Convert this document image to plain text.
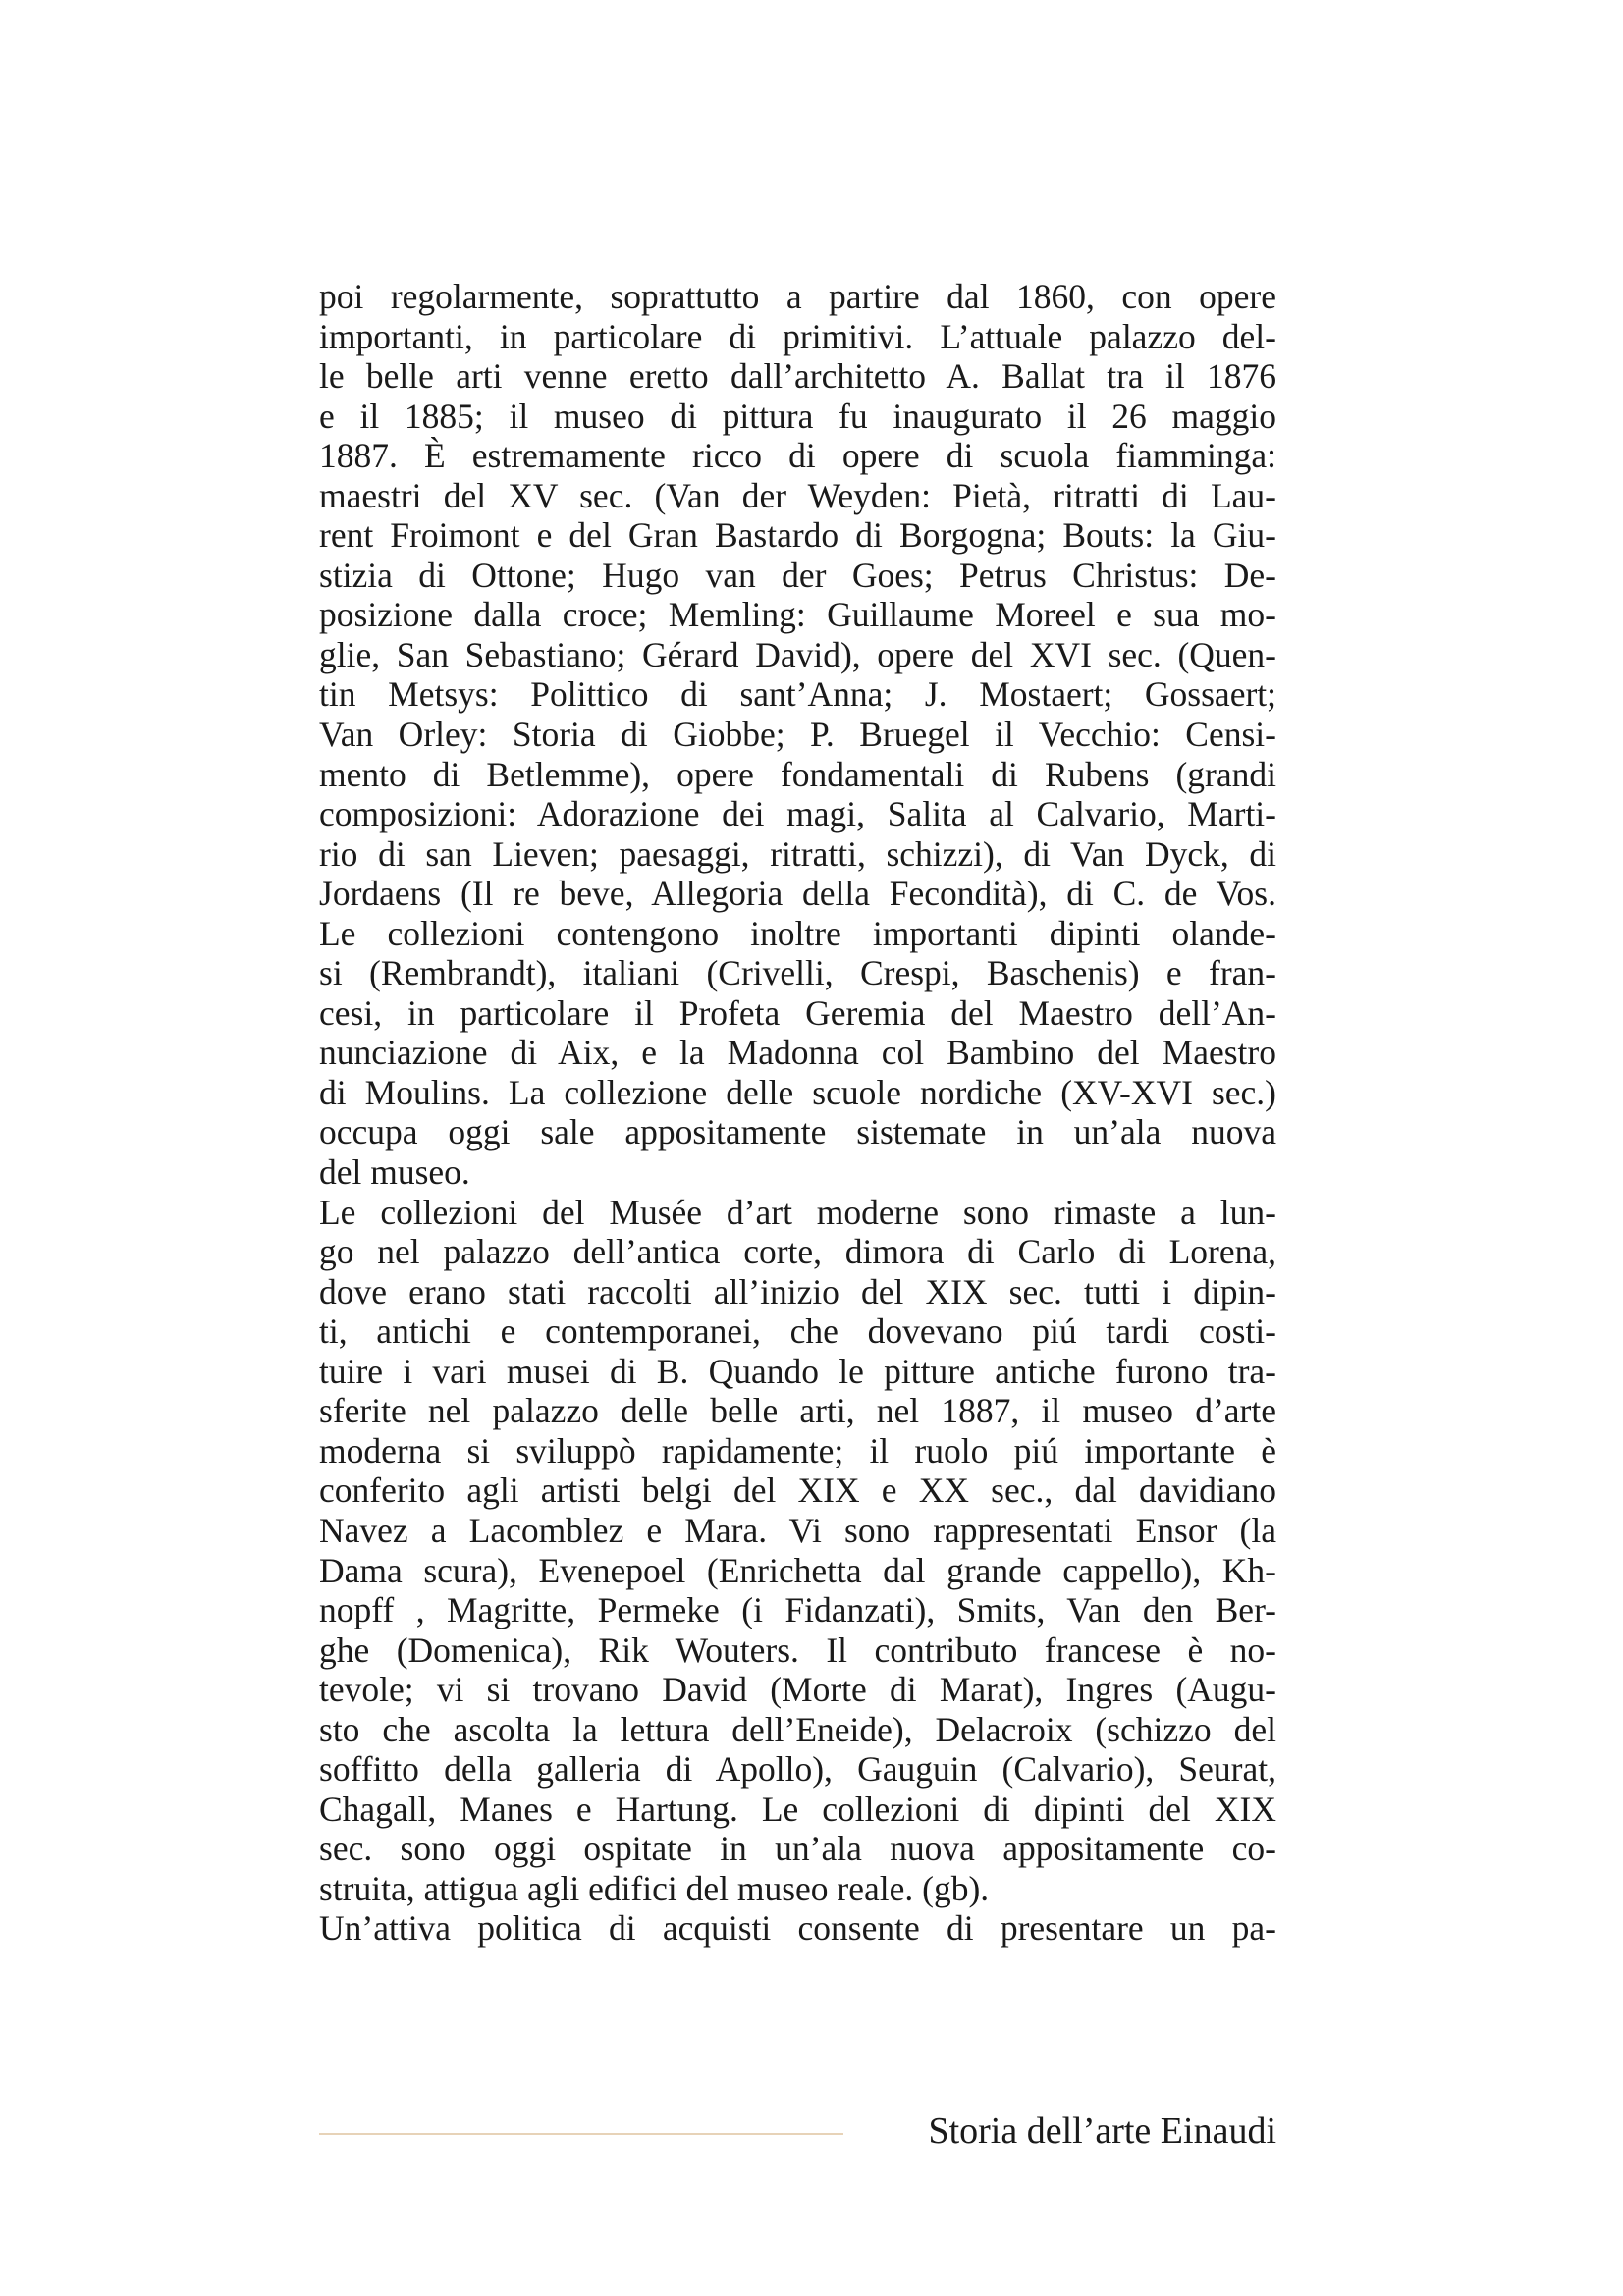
poi regolarmente, soprattutto a partire dal 1860, con opere
importanti, in particolare di primitivi. L’attuale palazzo del-
le belle arti venne eretto dall’architetto A. Ballat tra il 1876
e il 1885; il museo di pittura fu inaugurato il 26 maggio
1887. È estremamente ricco di opere di scuola fiamminga:
maestri del XV sec. (Van der Weyden: Pietà, ritratti di Lau-
rent Froimont e del Gran Bastardo di Borgogna; Bouts: la Giu-
stizia di Ottone; Hugo van der Goes; Petrus Christus: De-
posizione dalla croce; Memling: Guillaume Moreel e sua mo-
glie, San Sebastiano; Gérard David), opere del XVI sec. (Quen-
tin Metsys: Polittico di sant’Anna; J. Mostaert; Gossaert;
Van Orley: Storia di Giobbe; P. Bruegel il Vecchio: Censi-
mento di Betlemme), opere fondamentali di Rubens (grandi
composizioni: Adorazione dei magi, Salita al Calvario, Marti-
rio di san Lieven; paesaggi, ritratti, schizzi), di Van Dyck, di
Jordaens (Il re beve, Allegoria della Fecondità), di C. de Vos.
Le collezioni contengono inoltre importanti dipinti olande-
si (Rembrandt), italiani (Crivelli, Crespi, Baschenis) e fran-
cesi, in particolare il Profeta Geremia del Maestro dell’An-
nunciazione di Aix, e la Madonna col Bambino del Maestro
di Moulins. La collezione delle scuole nordiche (XV-XVI sec.)
occupa oggi sale appositamente sistemate in un’ala nuova
del museo.
Le collezioni del Musée d’art moderne sono rimaste a lun-
go nel palazzo dell’antica corte, dimora di Carlo di Lorena,
dove erano stati raccolti all’inizio del XIX sec. tutti i dipin-
ti, antichi e contemporanei, che dovevano piú tardi costi-
tuire i vari musei di B. Quando le pitture antiche furono tra-
sferite nel palazzo delle belle arti, nel 1887, il museo d’arte
moderna si sviluppò rapidamente; il ruolo piú importante è
conferito agli artisti belgi del XIX e XX sec., dal davidiano
Navez a Lacomblez e Mara. Vi sono rappresentati Ensor (la
Dama scura), Evenepoel (Enrichetta dal grande cappello), Kh-
nopff , Magritte, Permeke (i Fidanzati), Smits, Van den Ber-
ghe (Domenica), Rik Wouters. Il contributo francese è no-
tevole; vi si trovano David (Morte di Marat), Ingres (Augu-
sto che ascolta la lettura dell’Eneide), Delacroix (schizzo del
soffitto della galleria di Apollo), Gauguin (Calvario), Seurat,
Chagall, Manes e Hartung. Le collezioni di dipinti del XIX
sec. sono oggi ospitate in un’ala nuova appositamente co-
struita, attigua agli edifici del museo reale. (gb).
Un’attiva politica di acquisti consente di presentare un pa-
Storia dell’arte Einaudi
